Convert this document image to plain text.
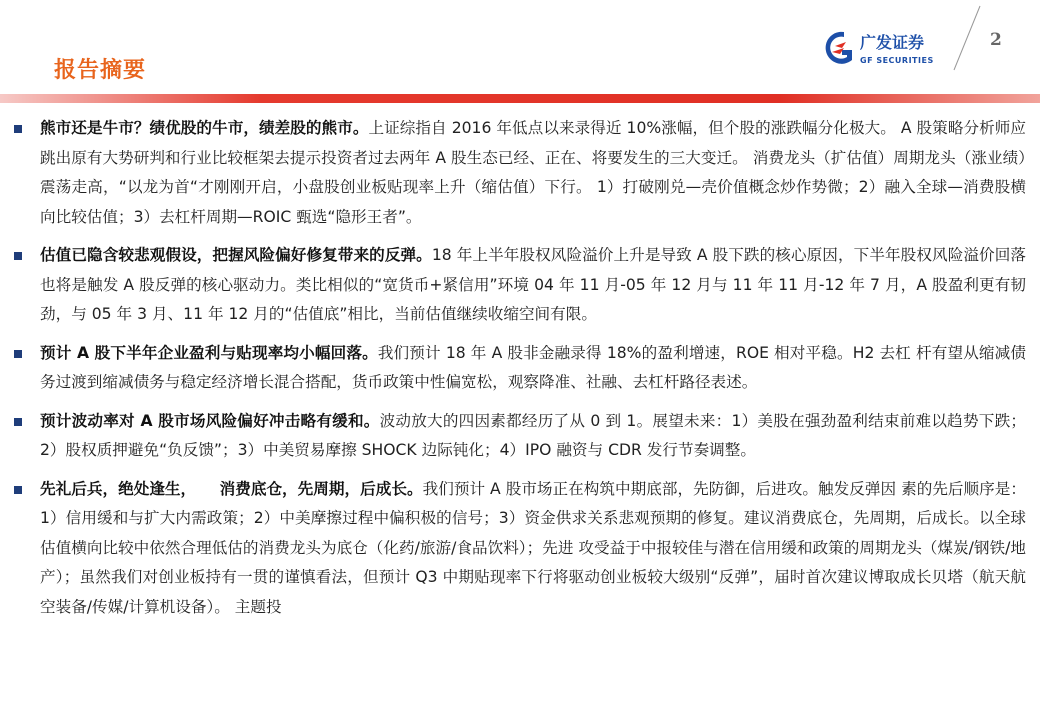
报告摘要
广发证券
GF SECURITIES
2
熊市还是牛市？绩优股的牛市，绩差股的熊市。上证综指自 2016 年低点以来录得近 10%涨幅，但个股的涨跌幅分化极大。 A 股策略分析师应跳出原有大势研判和行业比较框架去提示投资者过去两年 A 股生态已经、正在、将要发生的三大变迁。 消费龙头（扩估值）周期龙头（涨业绩）震荡走高，“以龙为首“才刚刚开启，小盘股创业板贴现率上升（缩估值）下行。 1）打破刚兑—壳价值概念炒作势微；2）融入全球—消费股横向比较估值；3）去杠杆周期—ROIC 甄选“隐形王者”。
估值已隐含较悲观假设，把握风险偏好修复带来的反弹。18 年上半年股权风险溢价上升是导致 A 股下跌的核心原因，下半年股权风险溢价回落也将是触发 A 股反弹的核心驱动力。类比相似的“宽货币+紧信用”环境 04 年 11 月-05 年 12 月与 11 年 11 月-12 年 7 月，A 股盈利更有韧劲，与 05 年 3 月、11 年 12 月的“估值底”相比，当前估值继续收缩空间有限。
预计 A 股下半年企业盈利与贴现率均小幅回落。我们预计 18 年 A 股非金融录得 18%的盈利增速，ROE 相对平稳。H2 去杠 杆有望从缩减债务过渡到缩减债务与稳定经济增长混合搭配，货币政策中性偏宽松，观察降准、社融、去杠杆路径表述。
预计波动率对 A 股市场风险偏好冲击略有缓和。波动放大的四因素都经历了从 0 到 1。展望未来：1）美股在强劲盈利结束前难以趋势下跌；2）股权质押避免“负反馈”；3）中美贸易摩擦 SHOCK 边际钝化；4）IPO 融资与 CDR 发行节奏调整。
先礼后兵，绝处逢生，　　消费底仓，先周期，后成长。我们预计 A 股市场正在构筑中期底部，先防御，后进攻。触发反弹因 素的先后顺序是：1）信用缓和与扩大内需政策；2）中美摩擦过程中偏积极的信号；3）资金供求关系悲观预期的修复。建议消费底仓，先周期，后成长。以全球估值横向比较中依然合理低估的消费龙头为底仓（化药/旅游/食品饮料）；先进 攻受益于中报较佳与潜在信用缓和政策的周期龙头（煤炭/钢铁/地产）；虽然我们对创业板持有一贯的谨慎看法，但预计 Q3 中期贴现率下行将驱动创业板较大级别“反弹”，届时首次建议博取成长贝塔（航天航空装备/传媒/计算机设备）。 主题投
